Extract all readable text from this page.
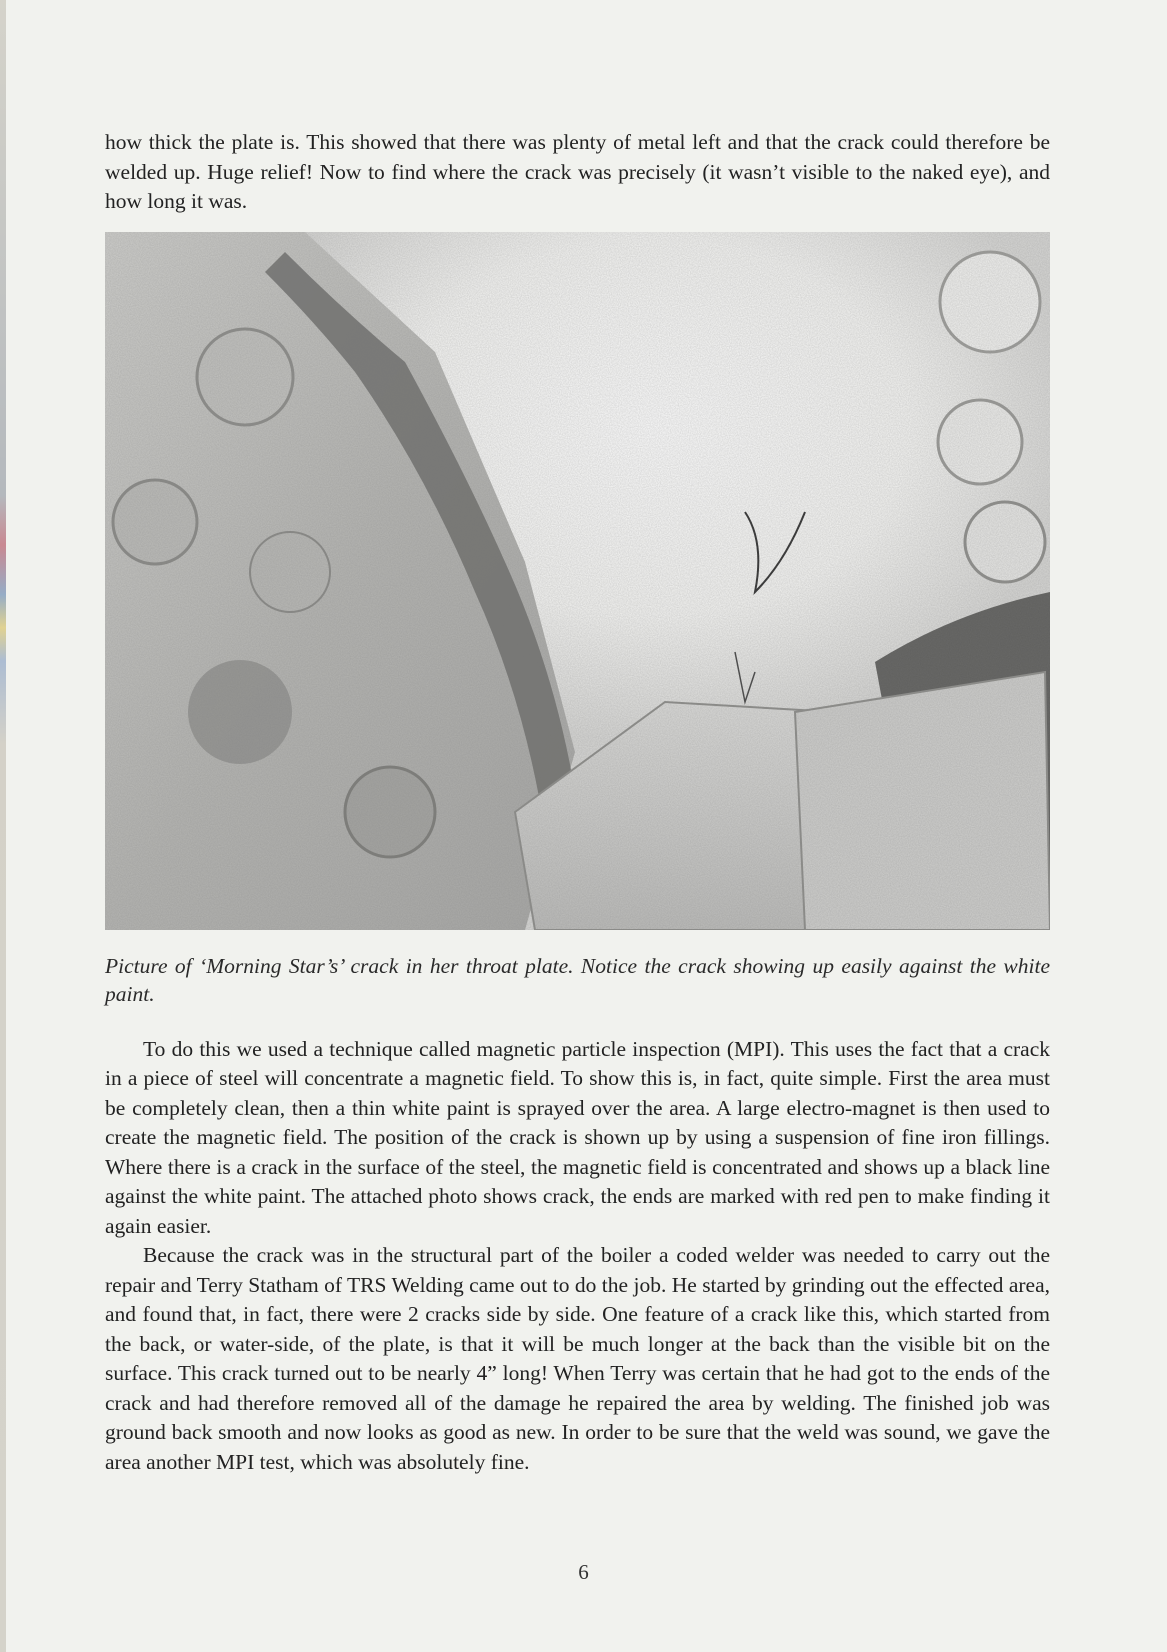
how thick the plate is. This showed that there was plenty of metal left and that the crack could therefore be welded up. Huge relief! Now to find where the crack was precisely (it wasn’t visible to the naked eye), and how long it was.

Picture of ‘Morning Star’s’ crack in her throat plate. Notice the crack showing up easily against the white paint.

To do this we used a technique called magnetic particle inspection (MPI). This uses the fact that a crack in a piece of steel will concentrate a magnetic field. To show this is, in fact, quite simple. First the area must be completely clean, then a thin white paint is sprayed over the area. A large electro-magnet is then used to create the magnetic field. The position of the crack is shown up by using a suspension of fine iron fillings. Where there is a crack in the surface of the steel, the magnetic field is concentrated and shows up a black line against the white paint. The attached photo shows crack, the ends are marked with red pen to make finding it again easier.

Because the crack was in the structural part of the boiler a coded welder was needed to carry out the repair and Terry Statham of TRS Welding came out to do the job. He started by grinding out the effected area, and found that, in fact, there were 2 cracks side by side. One feature of a crack like this, which started from the back, or water-side, of the plate, is that it will be much longer at the back than the visible bit on the surface. This crack turned out to be nearly 4” long! When Terry was certain that he had got to the ends of the crack and had therefore removed all of the damage he repaired the area by welding. The finished job was ground back smooth and now looks as good as new. In order to be sure that the weld was sound, we gave the area another MPI test, which was absolutely fine.

6
